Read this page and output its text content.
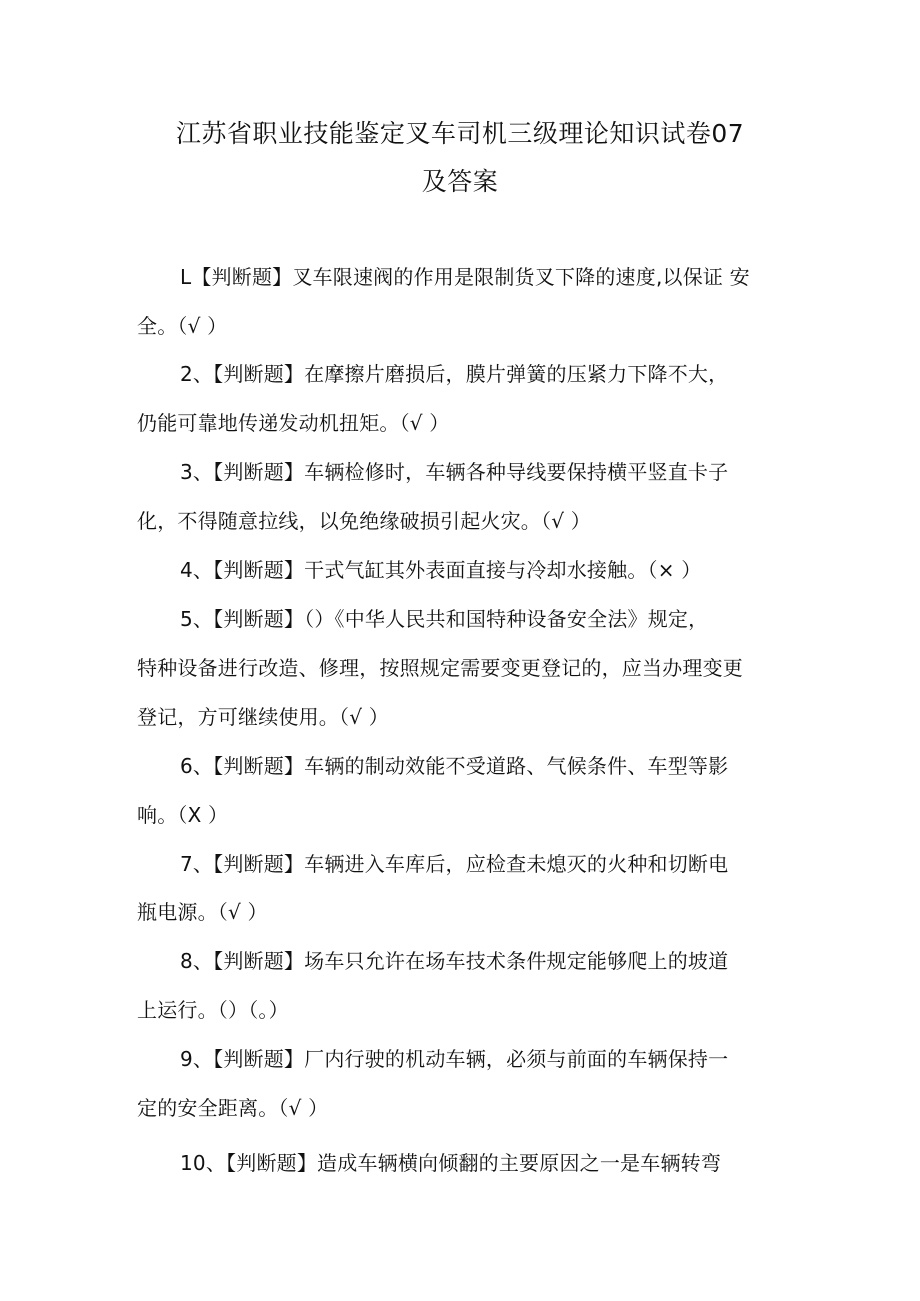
江苏省职业技能鉴定叉车司机三级理论知识试卷07
及答案
L【判断题】叉车限速阀的作用是限制货叉下降的速度,以保证 安
全。（√ ）
2、【判断题】在摩擦片磨损后，膜片弹簧的压紧力下降不大，
仍能可靠地传递发动机扭矩。（√ ）
3、【判断题】车辆检修时，车辆各种导线要保持横平竖直卡子
化，不得随意拉线，以免绝缘破损引起火灾。（√ ）
4、【判断题】干式气缸其外表面直接与冷却水接触。（× ）
5、【判断题】（）《中华人民共和国特种设备安全法》规定，
特种设备进行改造、修理，按照规定需要变更登记的，应当办理变更
登记，方可继续使用。（√ ）
6、【判断题】车辆的制动效能不受道路、气候条件、车型等影
响。（X ）
7、【判断题】车辆进入车库后，应检查未熄灭的火种和切断电
瓶电源。（√ ）
8、【判断题】场车只允许在场车技术条件规定能够爬上的坡道
上运行。（）（。）
9、【判断题】厂内行驶的机动车辆，必须与前面的车辆保持一
定的安全距离。（√ ）
10、【判断题】造成车辆横向倾翻的主要原因之一是车辆转弯
